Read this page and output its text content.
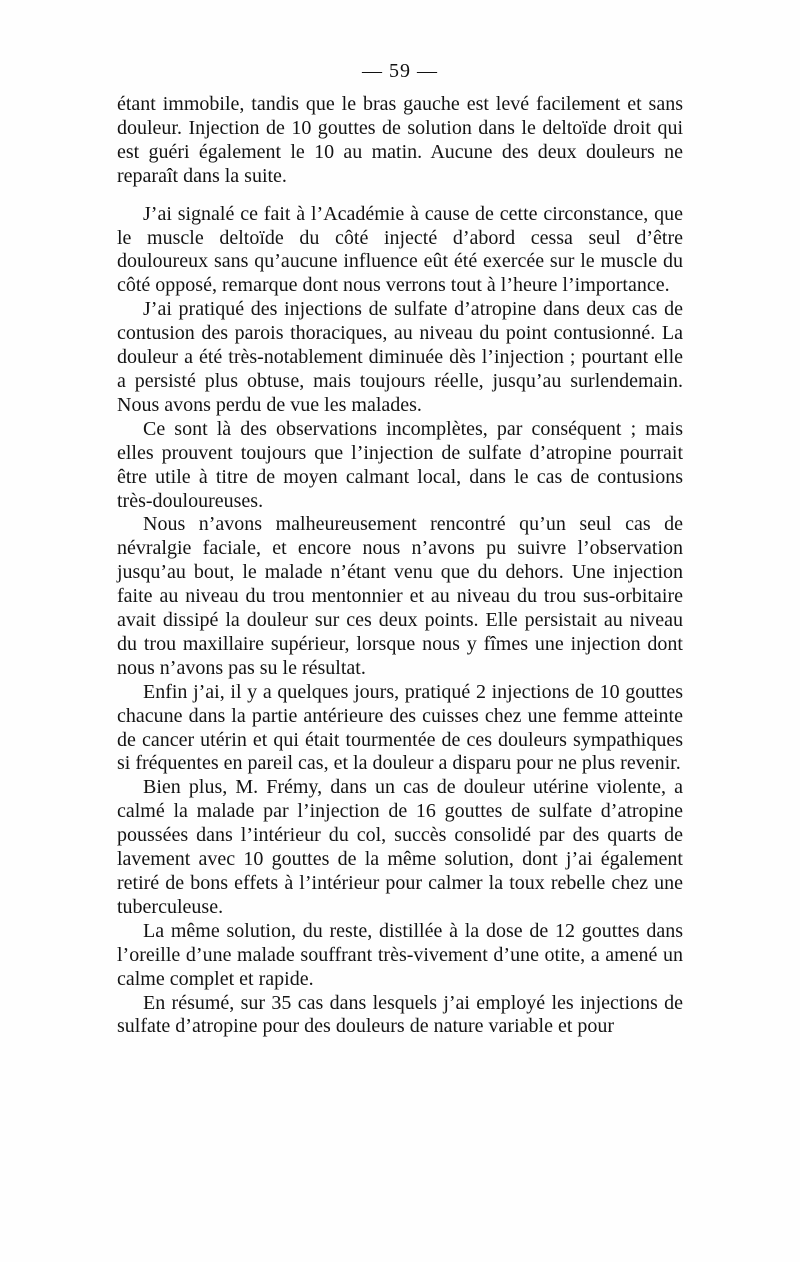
— 59 —

étant immobile, tandis que le bras gauche est levé facilement et sans douleur. Injection de 10 gouttes de solution dans le deltoïde droit qui est guéri également le 10 au matin. Aucune des deux douleurs ne reparaît dans la suite.

J’ai signalé ce fait à l’Académie à cause de cette circonstance, que le muscle deltoïde du côté injecté d’abord cessa seul d’être douloureux sans qu’aucune influence eût été exercée sur le muscle du côté opposé, remarque dont nous verrons tout à l’heure l’importance.

J’ai pratiqué des injections de sulfate d’atropine dans deux cas de contusion des parois thoraciques, au niveau du point contusionné. La douleur a été très-notablement diminuée dès l’injection ; pourtant elle a persisté plus obtuse, mais toujours réelle, jusqu’au surlendemain. Nous avons perdu de vue les malades.

Ce sont là des observations incomplètes, par conséquent ; mais elles prouvent toujours que l’injection de sulfate d’atropine pourrait être utile à titre de moyen calmant local, dans le cas de contusions très-douloureuses.

Nous n’avons malheureusement rencontré qu’un seul cas de névralgie faciale, et encore nous n’avons pu suivre l’observation jusqu’au bout, le malade n’étant venu que du dehors. Une injection faite au niveau du trou mentonnier et au niveau du trou sus-orbitaire avait dissipé la douleur sur ces deux points. Elle persistait au niveau du trou maxillaire supérieur, lorsque nous y fîmes une injection dont nous n’avons pas su le résultat.

Enfin j’ai, il y a quelques jours, pratiqué 2 injections de 10 gouttes chacune dans la partie antérieure des cuisses chez une femme atteinte de cancer utérin et qui était tourmentée de ces douleurs sympathiques si fréquentes en pareil cas, et la douleur a disparu pour ne plus revenir.

Bien plus, M. Frémy, dans un cas de douleur utérine violente, a calmé la malade par l’injection de 16 gouttes de sulfate d’atropine poussées dans l’intérieur du col, succès consolidé par des quarts de lavement avec 10 gouttes de la même solution, dont j’ai également retiré de bons effets à l’intérieur pour calmer la toux rebelle chez une tuberculeuse.

La même solution, du reste, distillée à la dose de 12 gouttes dans l’oreille d’une malade souffrant très-vivement d’une otite, a amené un calme complet et rapide.

En résumé, sur 35 cas dans lesquels j’ai employé les injections de sulfate d’atropine pour des douleurs de nature variable et pour
